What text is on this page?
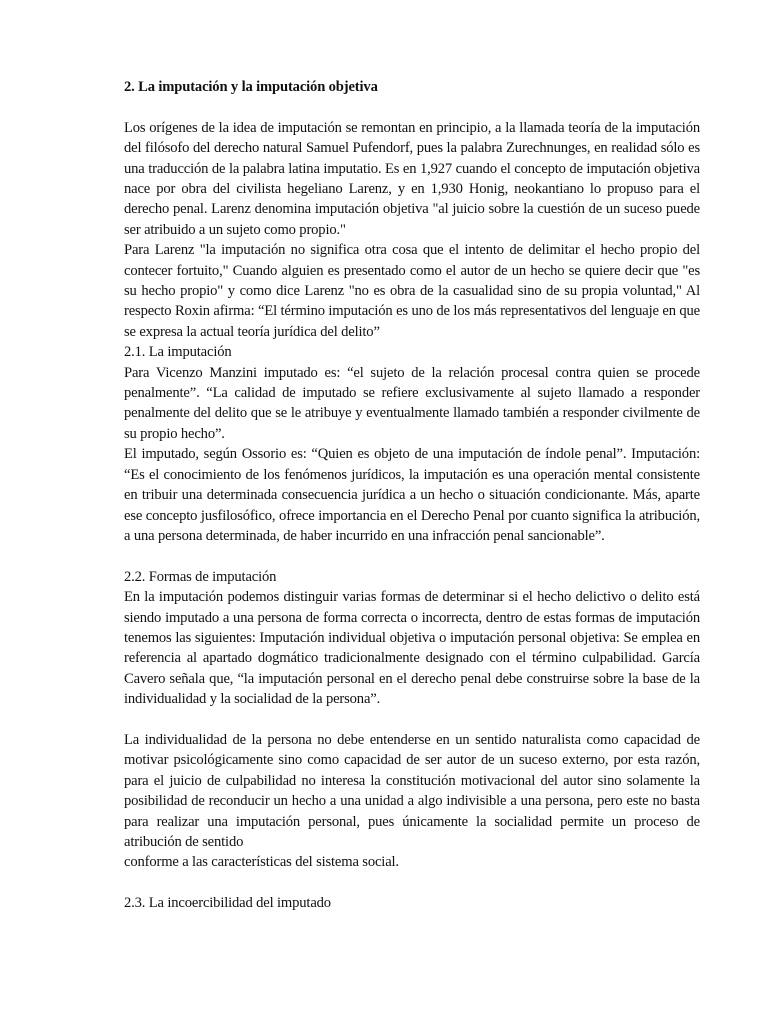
2. La imputación y la imputación objetiva

Los orígenes de la idea de imputación se remontan en principio, a la llamada teoría de la imputación del filósofo del derecho natural Samuel Pufendorf, pues la palabra Zurechnunges, en realidad sólo es una traducción de la palabra latina imputatio. Es en 1,927 cuando el concepto de imputación objetiva nace por obra del civilista hegeliano Larenz, y en 1,930 Honig, neokantiano lo propuso para el derecho penal. Larenz denomina imputación objetiva "al juicio sobre la cuestión de un suceso puede ser atribuido a un sujeto como propio."

Para Larenz "la imputación no significa otra cosa que el intento de delimitar el hecho propio del contecer fortuito," Cuando alguien es presentado como el autor de un hecho se quiere decir que "es su hecho propio" y como dice Larenz "no es obra de la casualidad sino de su propia voluntad," Al respecto Roxin afirma: “El término imputación es uno de los más representativos del lenguaje en que se expresa la actual teoría jurídica del delito”

2.1. La imputación

Para Vicenzo Manzini imputado es: “el sujeto de la relación procesal contra quien se procede penalmente”. “La calidad de imputado se refiere exclusivamente al sujeto llamado a responder penalmente del delito que se le atribuye y eventualmente llamado también a responder civilmente de su propio hecho”.

El imputado, según Ossorio es: “Quien es objeto de una imputación de índole penal”. Imputación: “Es el conocimiento de los fenómenos jurídicos, la imputación es una operación mental consistente en tribuir una determinada consecuencia jurídica a un hecho o situación condicionante. Más, aparte ese concepto jusfilosófico, ofrece importancia en el Derecho Penal por cuanto significa la atribución, a una persona determinada, de haber incurrido en una infracción penal sancionable”.

2.2. Formas de imputación

En la imputación podemos distinguir varias formas de determinar si el hecho delictivo o delito está siendo imputado a una persona de forma correcta o incorrecta, dentro de estas formas de imputación tenemos las siguientes: Imputación individual objetiva o imputación personal objetiva: Se emplea en referencia al apartado dogmático tradicionalmente designado con el término culpabilidad. García Cavero señala que, “la imputación personal en el derecho penal debe construirse sobre la base de la individualidad y la socialidad de la persona”.

La individualidad de la persona no debe entenderse en un sentido naturalista como capacidad de motivar psicológicamente sino como capacidad de ser autor de un suceso externo, por esta razón, para el juicio de culpabilidad no interesa la constitución motivacional del autor sino solamente la posibilidad de reconducir un hecho a una unidad a algo indivisible a una persona, pero este no basta para realizar una imputación personal, pues únicamente la socialidad permite un proceso de atribución de sentido

conforme a las características del sistema social.

2.3. La incoercibilidad del imputado
